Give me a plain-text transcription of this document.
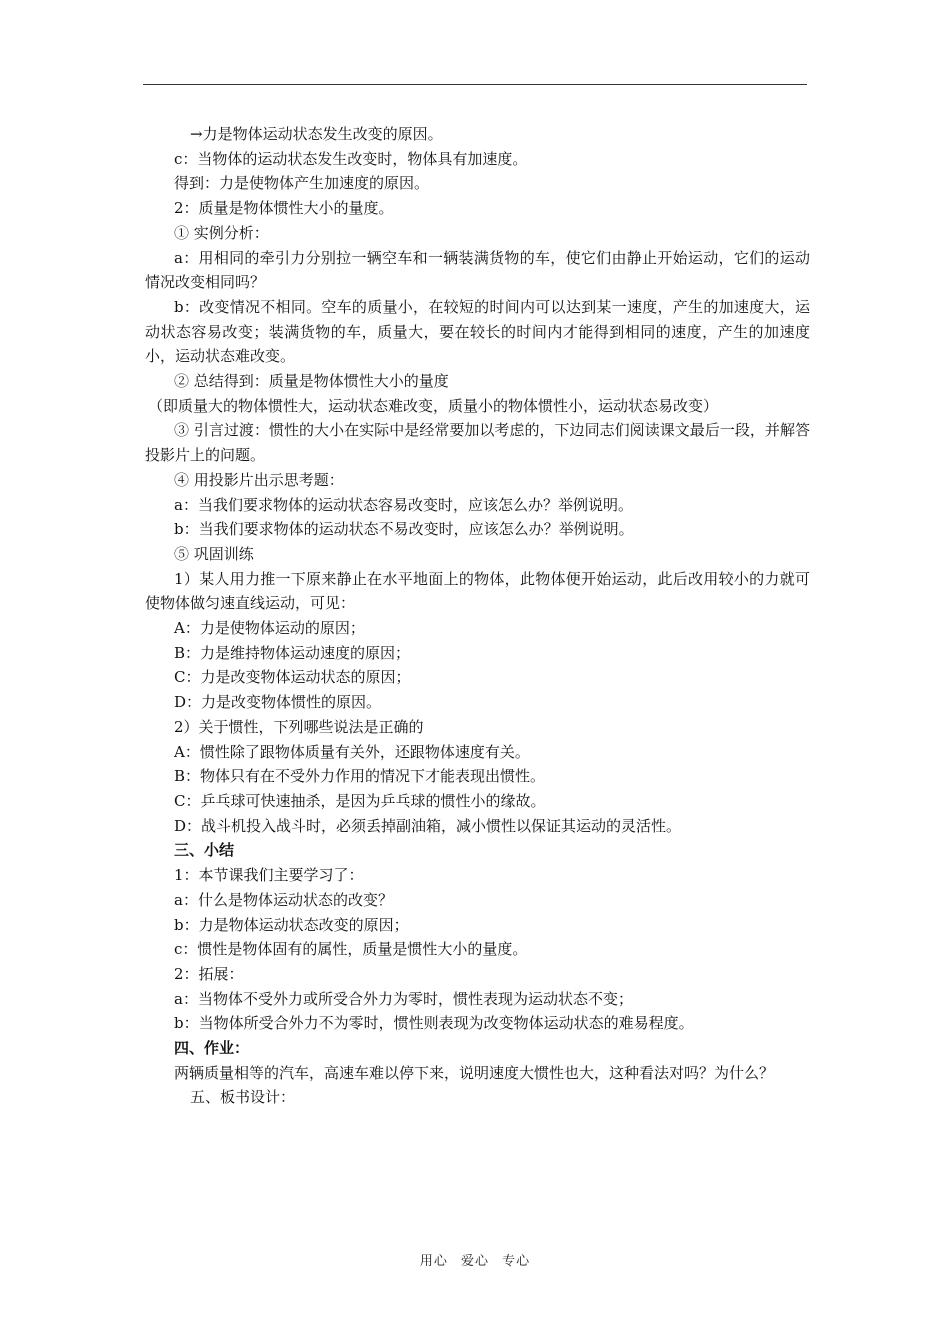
→力是物体运动状态发生改变的原因。

c：当物体的运动状态发生改变时，物体具有加速度。

得到：力是使物体产生加速度的原因。

2：质量是物体惯性大小的量度。

① 实例分析：

a：用相同的牵引力分别拉一辆空车和一辆装满货物的车，使它们由静止开始运动，它们的运动情况改变相同吗？

b：改变情况不相同。空车的质量小，在较短的时间内可以达到某一速度，产生的加速度大，运动状态容易改变；装满货物的车，质量大，要在较长的时间内才能得到相同的速度，产生的加速度小，运动状态难改变。

② 总结得到：质量是物体惯性大小的量度

（即质量大的物体惯性大，运动状态难改变，质量小的物体惯性小，运动状态易改变）

③ 引言过渡：惯性的大小在实际中是经常要加以考虑的，下边同志们阅读课文最后一段，并解答投影片上的问题。

④ 用投影片出示思考题：

a：当我们要求物体的运动状态容易改变时，应该怎么办？举例说明。

b：当我们要求物体的运动状态不易改变时，应该怎么办？举例说明。

⑤ 巩固训练

1）某人用力推一下原来静止在水平地面上的物体，此物体便开始运动，此后改用较小的力就可使物体做匀速直线运动，可见：

A：力是使物体运动的原因；

B：力是维持物体运动速度的原因；

C：力是改变物体运动状态的原因；

D：力是改变物体惯性的原因。

2）关于惯性，下列哪些说法是正确的

A：惯性除了跟物体质量有关外，还跟物体速度有关。

B：物体只有在不受外力作用的情况下才能表现出惯性。

C：乒乓球可快速抽杀，是因为乒乓球的惯性小的缘故。

D：战斗机投入战斗时，必须丢掉副油箱，减小惯性以保证其运动的灵活性。

三、小结

1：本节课我们主要学习了：

a：什么是物体运动状态的改变？

b：力是物体运动状态改变的原因；

c：惯性是物体固有的属性，质量是惯性大小的量度。

2：拓展：

a：当物体不受外力或所受合外力为零时，惯性表现为运动状态不变；

b：当物体所受合外力不为零时，惯性则表现为改变物体运动状态的难易程度。

四、作业：

两辆质量相等的汽车，高速车难以停下来，说明速度大惯性也大，这种看法对吗？为什么？

五、板书设计：

用心 爱心 专心
